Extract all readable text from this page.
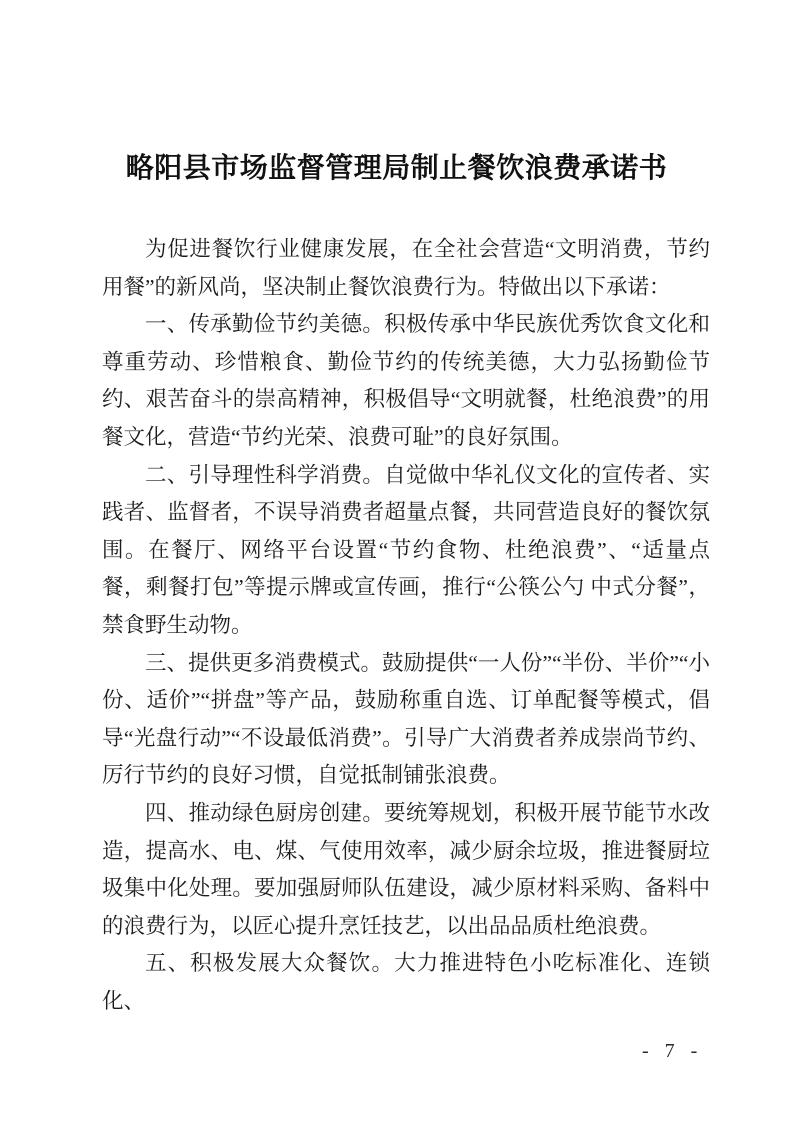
略阳县市场监督管理局制止餐饮浪费承诺书

为促进餐饮行业健康发展，在全社会营造“文明消费，节约用餐”的新风尚，坚决制止餐饮浪费行为。特做出以下承诺：

一、传承勤俭节约美德。积极传承中华民族优秀饮食文化和尊重劳动、珍惜粮食、勤俭节约的传统美德，大力弘扬勤俭节约、艰苦奋斗的崇高精神，积极倡导“文明就餐，杜绝浪费”的用餐文化，营造“节约光荣、浪费可耻”的良好氛围。

二、引导理性科学消费。自觉做中华礼仪文化的宣传者、实践者、监督者，不误导消费者超量点餐，共同营造良好的餐饮氛围。在餐厅、网络平台设置“节约食物、杜绝浪费”、“适量点餐，剩餐打包”等提示牌或宣传画，推行“公筷公勺 中式分餐”，禁食野生动物。

三、提供更多消费模式。鼓励提供“一人份”“半份、半价”“小份、适价”“拼盘”等产品，鼓励称重自选、订单配餐等模式，倡导“光盘行动”“不设最低消费”。引导广大消费者养成崇尚节约、厉行节约的良好习惯，自觉抵制铺张浪费。

四、推动绿色厨房创建。要统筹规划，积极开展节能节水改造，提高水、电、煤、气使用效率，减少厨余垃圾，推进餐厨垃圾集中化处理。要加强厨师队伍建设，减少原材料采购、备料中的浪费行为，以匠心提升烹饪技艺，以出品品质杜绝浪费。

五、积极发展大众餐饮。大力推进特色小吃标准化、连锁化、

- 7 -
